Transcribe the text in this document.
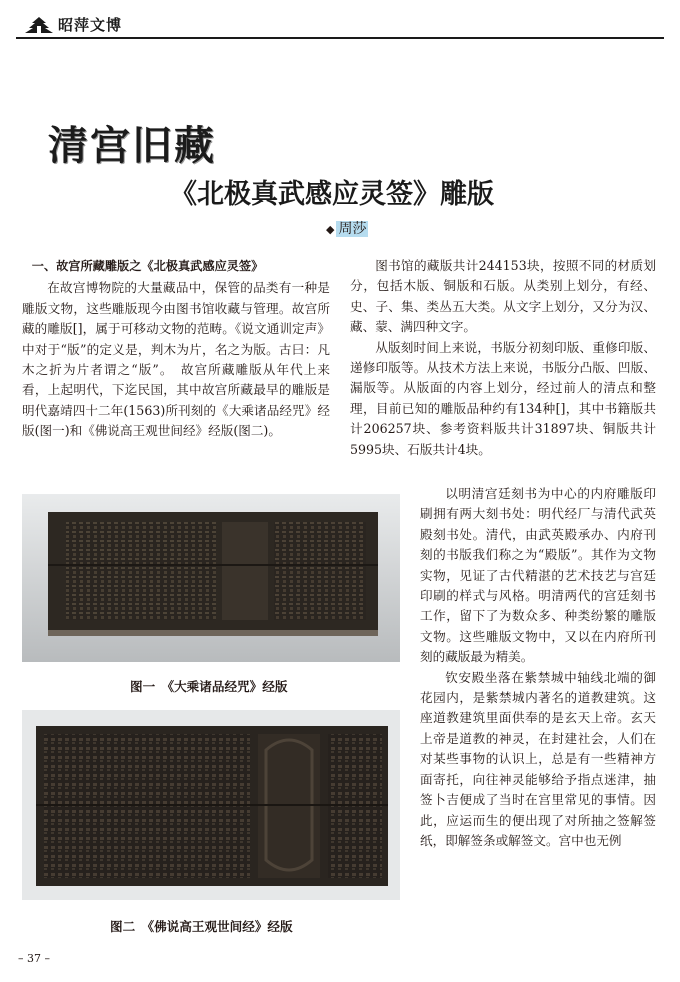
昭萍文博
清宫旧藏
《北极真武感应灵签》雕版
◆ 周莎
一、故宫所藏雕版之《北极真武感应灵签》

在故宫博物院的大量藏品中，保管的品类有一种是雕版文物，这些雕版现今由图书馆收藏与管理。故宫所藏的雕版[]，属于可移动文物的范畴。《说文通训定声》中对于“版”的定义是，判木为片，名之为版。古曰：凡木之折为片者谓之“版”。　故宫所藏雕版从年代上来看，上起明代，下迄民国，其中故宫所藏最早的雕版是明代嘉靖四十二年(1563)所刊刻的《大乘诸品经咒》经版(图一)和《佛说高王观世间经》经版(图二)。

图书馆的藏版共计244153块，按照不同的材质划分，包括木版、铜版和石版。从类别上划分，有经、史、子、集、类丛五大类。从文字上划分，又分为汉、藏、蒙、满四种文字。

从版刻时间上来说，书版分初刻印版、重修印版、递修印版等。从技术方法上来说，书版分凸版、凹版、漏版等。从版面的内容上划分，经过前人的清点和整理，目前已知的雕版品种约有134种[]，其中书籍版共计206257块、参考资料版共计31897块、铜版共计5995块、石版共计4块。

以明清宫廷刻书为中心的内府雕版印刷拥有两大刻书处：明代经厂与清代武英殿刻书处。清代，由武英殿承办、内府刊刻的书版我们称之为“殿版”。其作为文物实物，见证了古代精湛的艺术技艺与宫廷印刷的样式与风格。明清两代的宫廷刻书工作，留下了为数众多、种类纷繁的雕版文物。这些雕版文物中，又以在内府所刊刻的藏版最为精美。

钦安殿坐落在紫禁城中轴线北端的御花园内，是紫禁城内著名的道教建筑。这座道教建筑里面供奉的是玄天上帝。玄天上帝是道教的神灵，在封建社会，人们在对某些事物的认识上，总是有一些精神方面寄托，向往神灵能够给予指点迷津，抽签卜吉便成了当时在宫里常见的事情。因此，应运而生的便出现了对所抽之签解签纸，即解签条或解签文。宫中也无例

图一　《大乘诸品经咒》经版
图二　《佛说高王观世间经》经版
– 37 –
